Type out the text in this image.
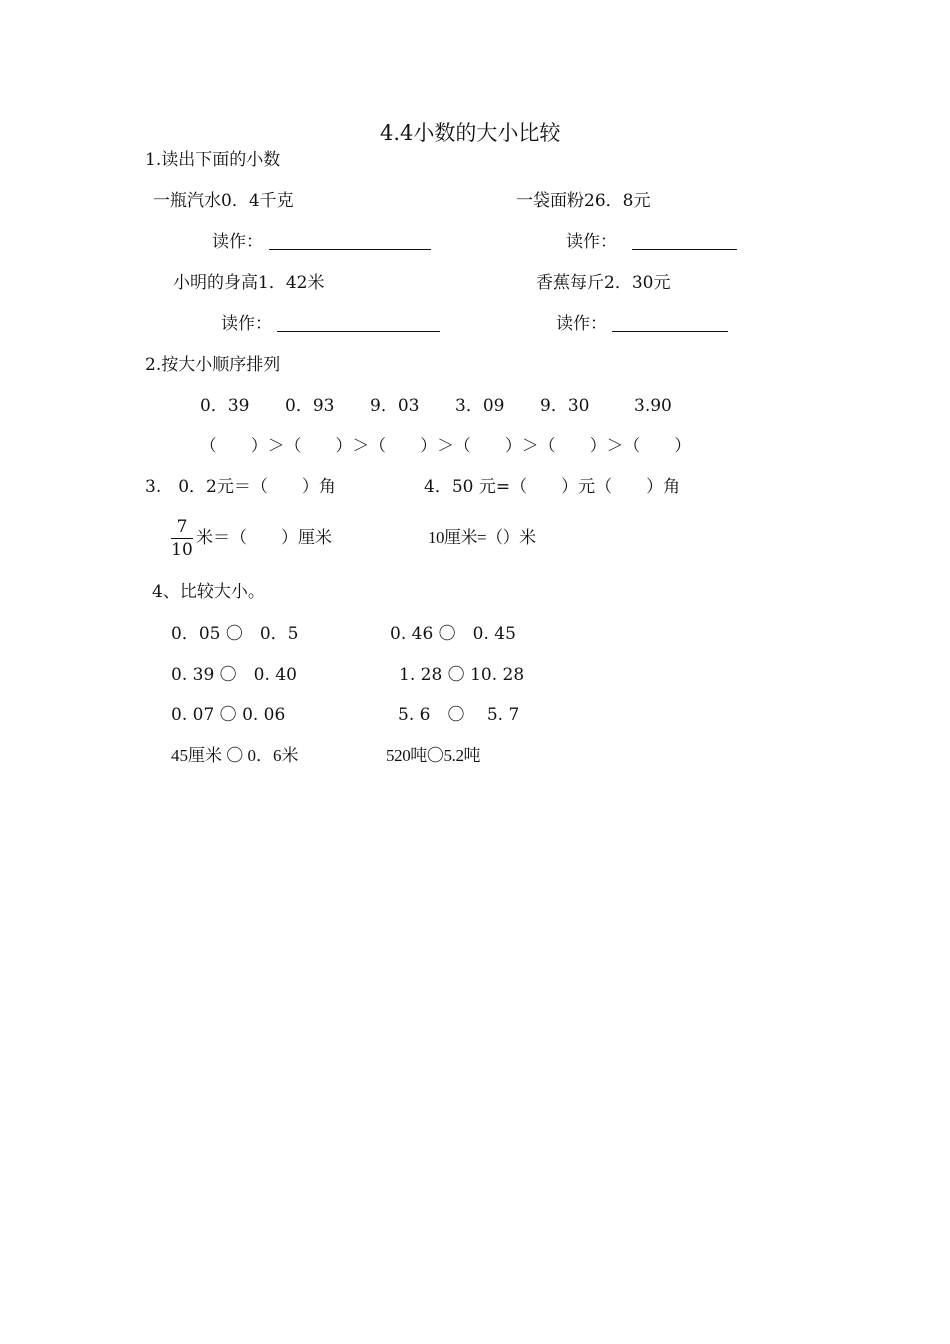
4.4小数的大小比较
1.读出下面的小数
一瓶汽水0．4千克	一袋面粉26．8元
读作：	读作：
小明的身高1．42米	香蕉每斤2．30元
读作：	读作：
2.按大小顺序排列
0．39 0．93 9．03 3．09 9．30	3.90
（　　）＞（　　）＞（　　）＞（　　）＞（　　）＞（　　）
3.　0．2元＝（　　）角	4．50 元=（　　）元（　　）角
7
10
米＝（　　）厘米	10厘米=（）米
4、比较大小。
0．05 〇　0．5	0. 46 〇　0. 45
0. 39 〇　0. 40	1. 28 〇 10. 28
0. 07 〇 0. 06	5. 6　〇　 5. 7
45厘米 〇 0．6米	520吨〇5.2吨
